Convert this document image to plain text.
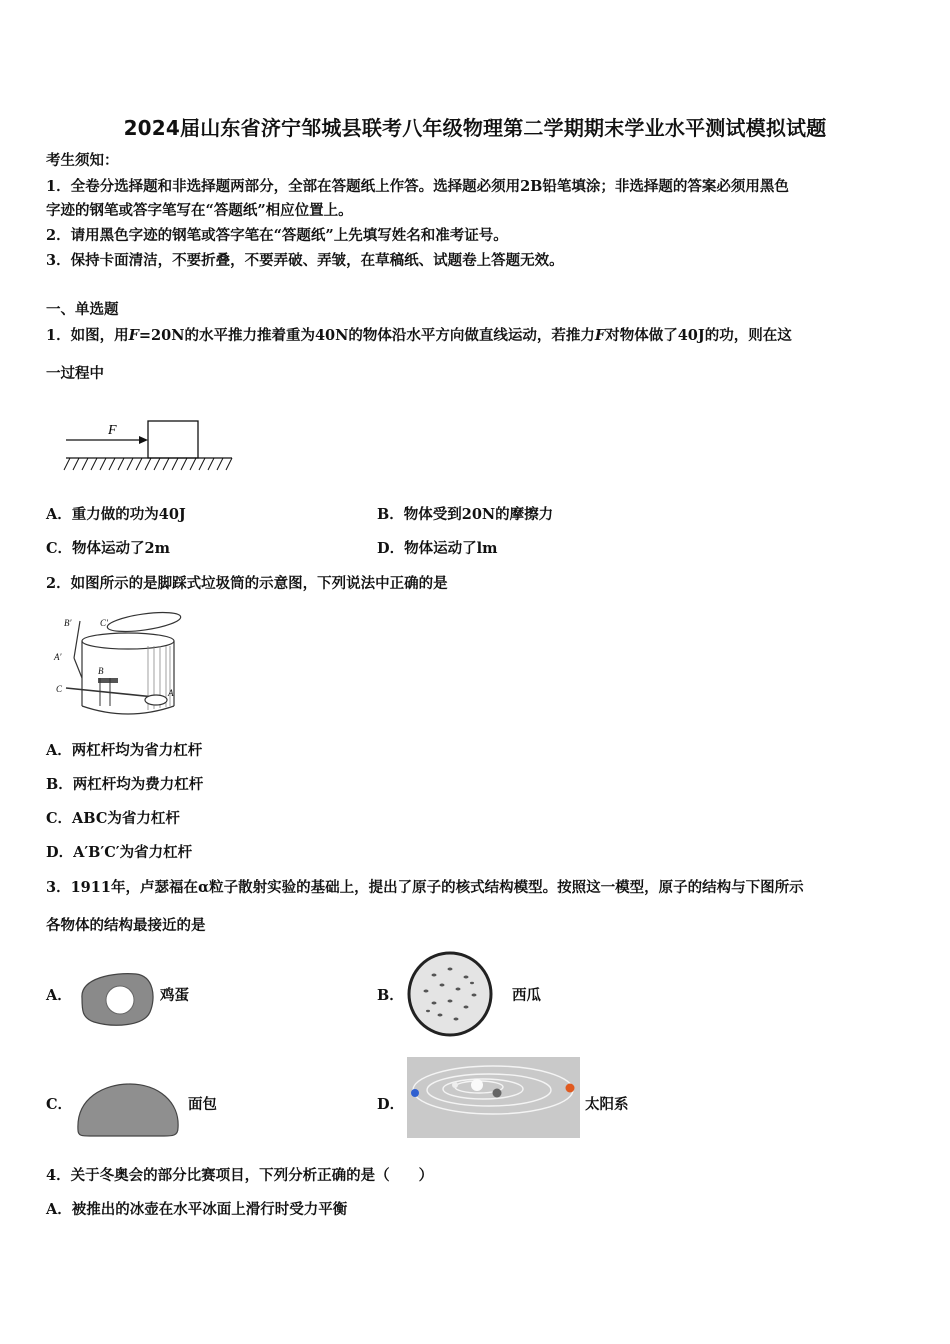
2024届山东省济宁邹城县联考八年级物理第二学期期末学业水平测试模拟试题
考生须知：
1．全卷分选择题和非选择题两部分，全部在答题纸上作答。选择题必须用2B铅笔填涂；非选择题的答案必须用黑色
字迹的钢笔或答字笔写在“答题纸”相应位置上。
2．请用黑色字迹的钢笔或答字笔在“答题纸”上先填写姓名和准考证号。
3．保持卡面清洁，不要折叠，不要弄破、弄皱，在草稿纸、试题卷上答题无效。
一、单选题
1．如图，用F=20N的水平推力推着重为40N的物体沿水平方向做直线运动，若推力F对物体做了40J的功，则在这
一过程中
F
A．重力做的功为40J	B．物体受到20N的摩擦力
C．物体运动了2m	D．物体运动了lm
2．如图所示的是脚踩式垃圾筒的示意图，下列说法中正确的是
B′	C′
A′
B
C	A
A．两杠杆均为省力杠杆
B．两杠杆均为费力杠杆
C．ABC为省力杠杆
D．A′B′C′为省力杠杆
3．1911年，卢瑟福在α粒子散射实验的基础上，提出了原子的核式结构模型。按照这一模型，原子的结构与下图所示
各物体的结构最接近的是
A．	鸡蛋	B．	西瓜
C．	面包	D．	太阳系
4．关于冬奥会的部分比赛项目，下列分析正确的是（　　）
A．被推出的冰壶在水平冰面上滑行时受力平衡
